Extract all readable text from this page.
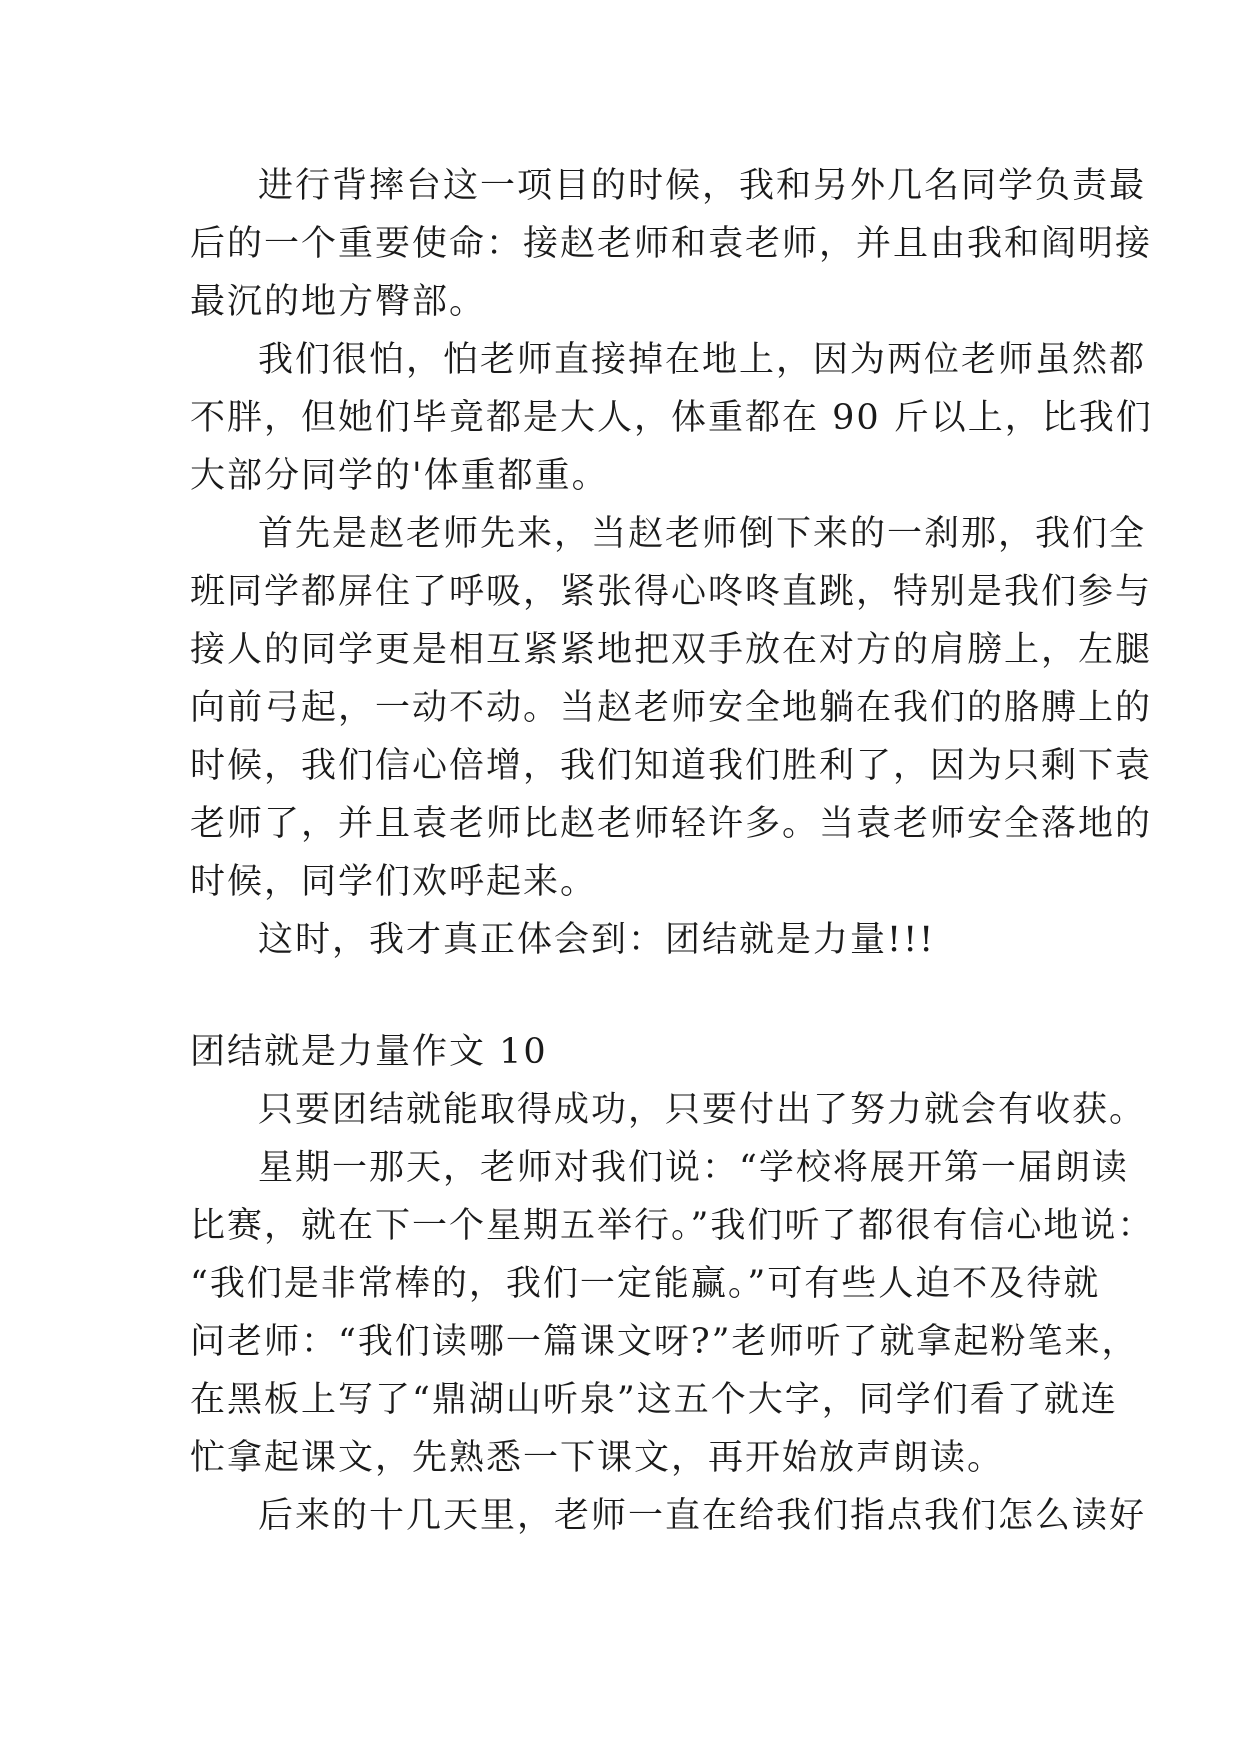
进行背摔台这一项目的时候，我和另外几名同学负责最
后的一个重要使命：接赵老师和袁老师，并且由我和阎明接
最沉的地方臀部。
我们很怕，怕老师直接掉在地上，因为两位老师虽然都
不胖，但她们毕竟都是大人，体重都在 90 斤以上，比我们
大部分同学的'体重都重。
首先是赵老师先来，当赵老师倒下来的一刹那，我们全
班同学都屏住了呼吸，紧张得心咚咚直跳，特别是我们参与
接人的同学更是相互紧紧地把双手放在对方的肩膀上，左腿
向前弓起，一动不动。当赵老师安全地躺在我们的胳膊上的
时候，我们信心倍增，我们知道我们胜利了，因为只剩下袁
老师了，并且袁老师比赵老师轻许多。当袁老师安全落地的
时候，同学们欢呼起来。
这时，我才真正体会到：团结就是力量!!!
团结就是力量作文 10
只要团结就能取得成功，只要付出了努力就会有收获。
星期一那天，老师对我们说：“学校将展开第一届朗读
比赛，就在下一个星期五举行。”我们听了都很有信心地说：
“我们是非常棒的，我们一定能赢。”可有些人迫不及待就
问老师：“我们读哪一篇课文呀?”老师听了就拿起粉笔来，
在黑板上写了“鼎湖山听泉”这五个大字，同学们看了就连
忙拿起课文，先熟悉一下课文，再开始放声朗读。
后来的十几天里，老师一直在给我们指点我们怎么读好
